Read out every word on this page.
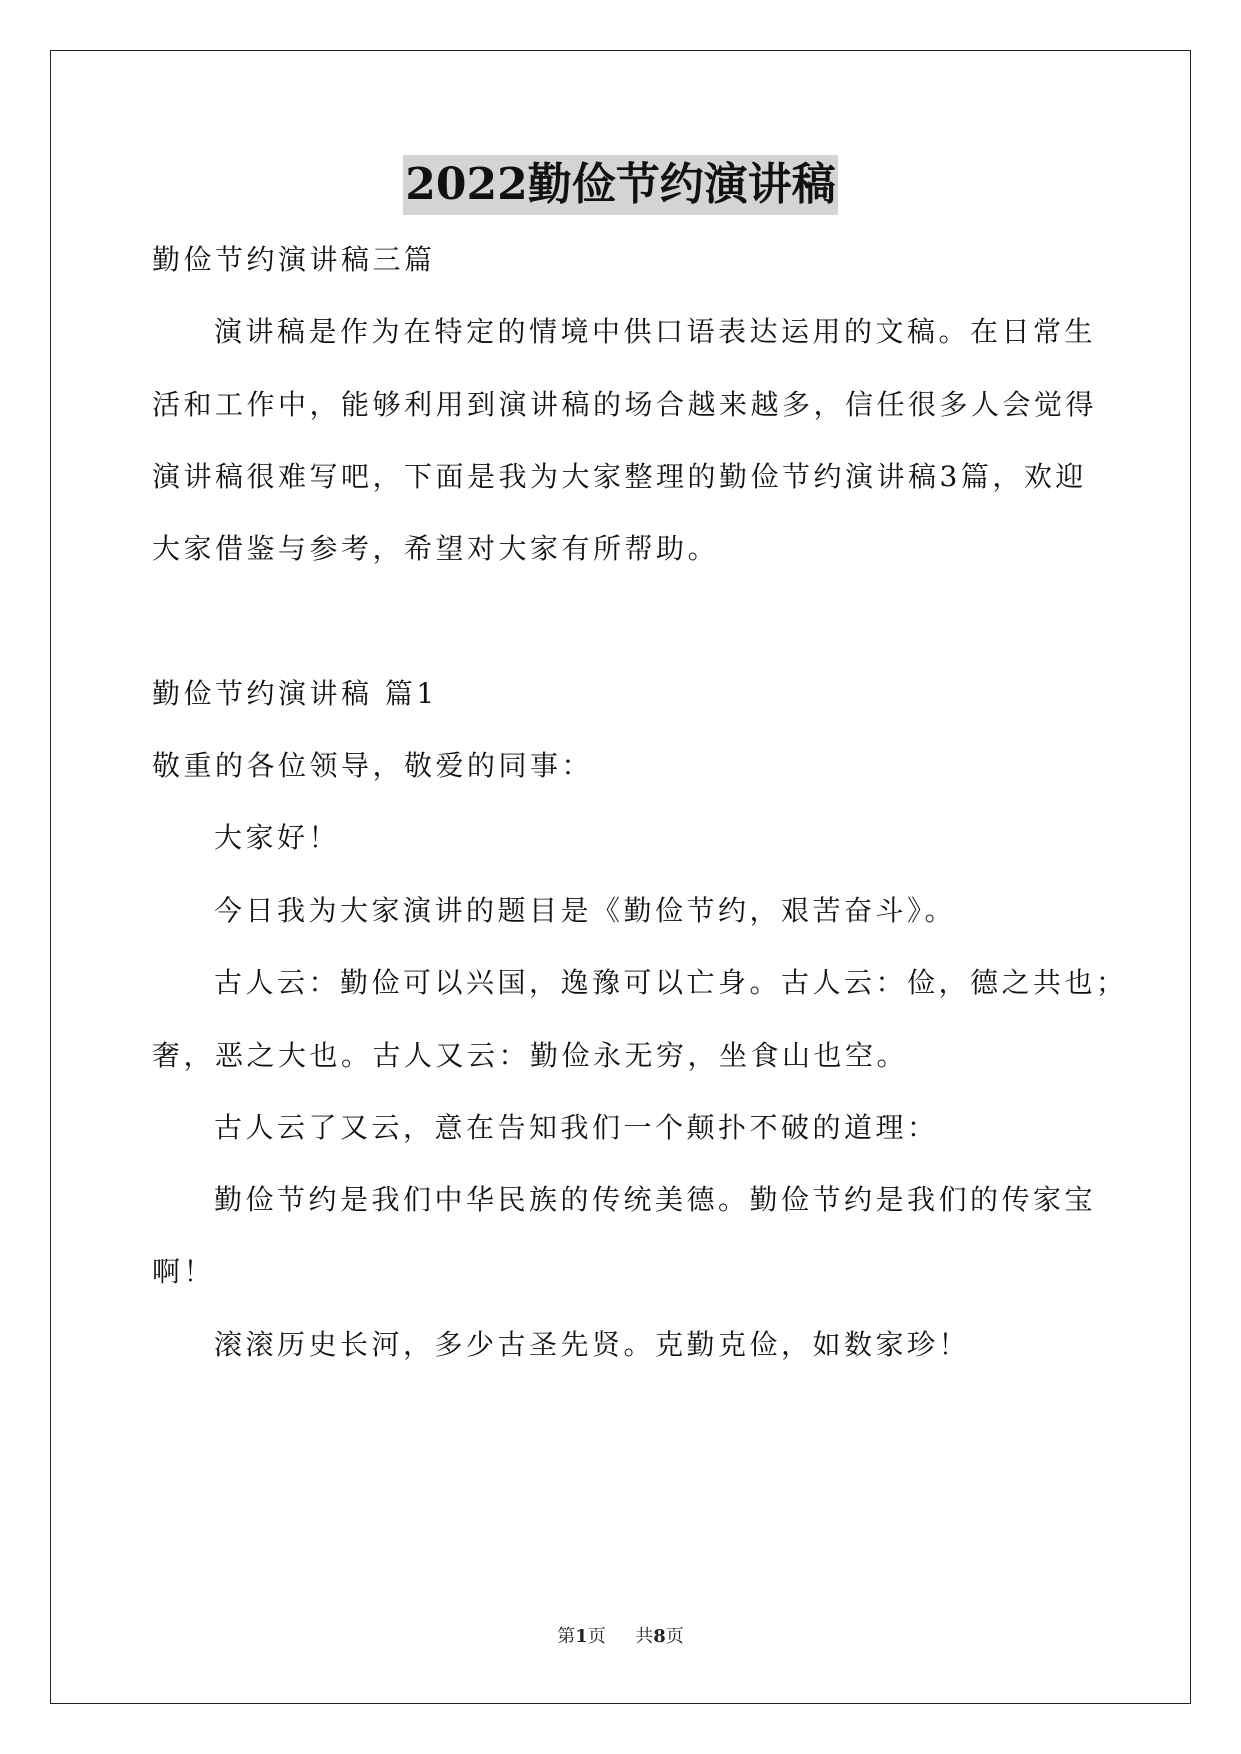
2022勤俭节约演讲稿
勤俭节约演讲稿三篇
演讲稿是作为在特定的情境中供口语表达运用的文稿。在日常生
活和工作中，能够利用到演讲稿的场合越来越多，信任很多人会觉得
演讲稿很难写吧，下面是我为大家整理的勤俭节约演讲稿3篇，欢迎
大家借鉴与参考，希望对大家有所帮助。
勤俭节约演讲稿 篇1
敬重的各位领导，敬爱的同事：
大家好！
今日我为大家演讲的题目是《勤俭节约，艰苦奋斗》。
古人云：勤俭可以兴国，逸豫可以亡身。古人云：俭，德之共也；
奢，恶之大也。古人又云：勤俭永无穷，坐食山也空。
古人云了又云，意在告知我们一个颠扑不破的道理：
勤俭节约是我们中华民族的传统美德。勤俭节约是我们的传家宝
啊！
滚滚历史长河，多少古圣先贤。克勤克俭，如数家珍！
第1页 共8页
